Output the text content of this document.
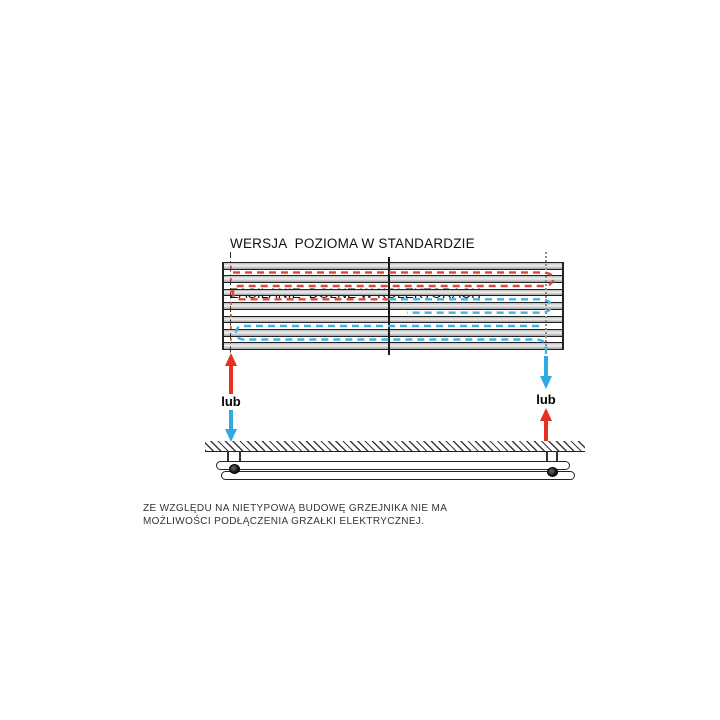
WERSJA  POZIOMA W STANDARDZIE

lub	lub
ZE WZGLĘDU NA NIETYPOWĄ BUDOWĘ GRZEJNIKA NIE MA
MOŻLIWOŚCI PODŁĄCZENIA GRZAŁKI ELEKTRYCZNEJ.
